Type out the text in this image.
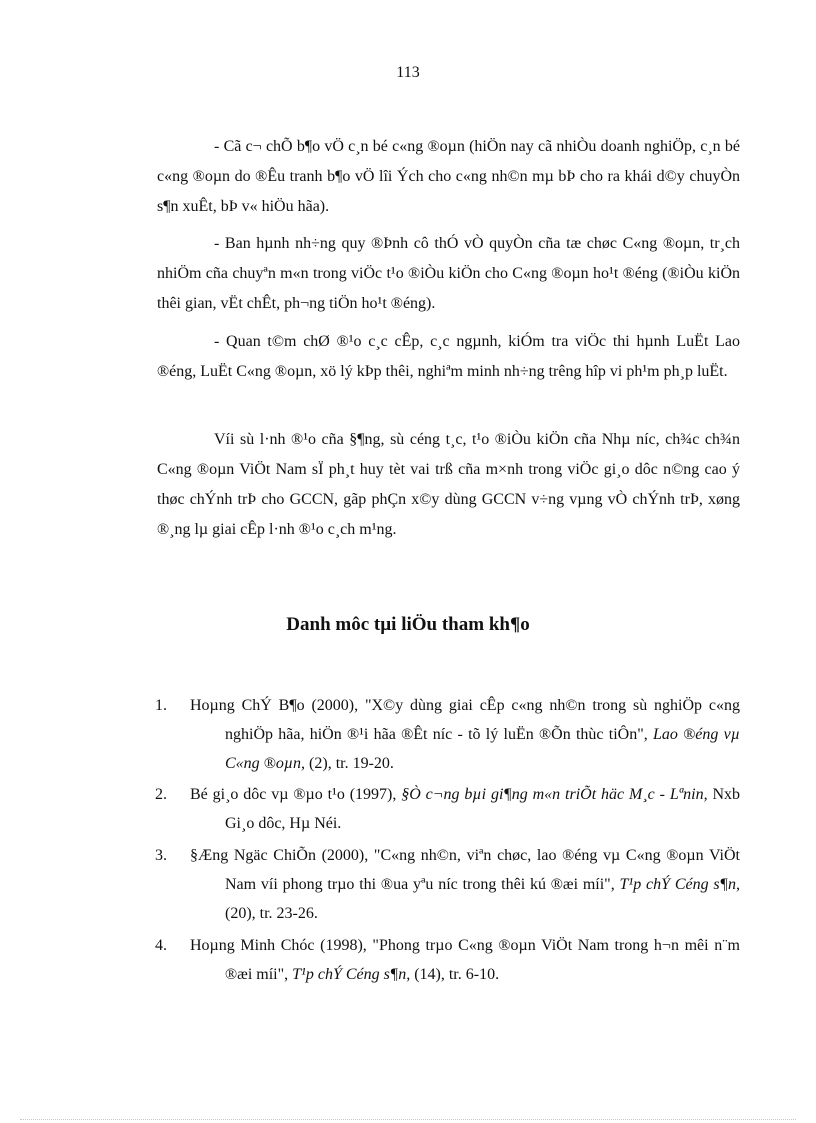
113

- Cã c¬ chÕ b¶o vÖ c¸n bé c«ng ®oµn (hiÖn nay cã nhiÒu doanh nghiÖp, c¸n bé c«ng ®oµn do ®Êu tranh b¶o vÖ lîi Ých cho c«ng nh©n mµ bÞ cho ra khái d©y chuyÒn s¶n xuÊt, bÞ v« hiÖu hãa).

- Ban hµnh nh÷ng quy ®Þnh cô thÓ vÒ quyÒn cña tæ chøc C«ng ®oµn, tr¸ch nhiÖm cña chuyªn m«n trong viÖc t¹o ®iÒu kiÖn cho C«ng ®oµn ho¹t ®éng (®iÒu kiÖn thêi gian, vËt chÊt, ph¬ng tiÖn ho¹t ®éng).

- Quan t©m chØ ®¹o c¸c cÊp, c¸c ngµnh, kiÓm tra viÖc thi hµnh LuËt Lao ®éng, LuËt C«ng ®oµn, xö lý kÞp thêi, nghiªm minh nh÷ng trêng hîp vi ph¹m ph¸p luËt.

Víi sù l·nh ®¹o cña §¶ng, sù céng t¸c, t¹o ®iÒu kiÖn cña Nhµ níc, ch¾c ch¾n C«ng ®oµn ViÖt Nam sÏ ph¸t huy tèt vai trß cña m×nh trong viÖc gi¸o dôc n©ng cao ý thøc chÝnh trÞ cho GCCN, gãp phÇn x©y dùng GCCN v÷ng vµng vÒ chÝnh trÞ, xøng ®¸ng lµ giai cÊp l·nh ®¹o c¸ch m¹ng.

Danh môc tµi liÖu tham kh¶o
1.	Hoµng ChÝ B¶o (2000), "X©y dùng giai cÊp c«ng nh©n trong sù nghiÖp c«ng nghiÖp hãa, hiÖn ®¹i hãa ®Êt níc - tõ lý luËn ®Õn thùc tiÔn", Lao ®éng vµ C«ng ®oµn, (2), tr. 19-20.
2.	Bé gi¸o dôc vµ ®µo t¹o (1997), §Ò c¬ng bµi gi¶ng m«n triÕt häc M¸c - Lªnin, Nxb Gi¸o dôc, Hµ Néi.
3.	§Æng Ngäc ChiÕn (2000), "C«ng nh©n, viªn chøc, lao ®éng vµ C«ng ®oµn ViÖt Nam víi phong trµo thi ®ua yªu níc trong thêi kú ®æi míi", T¹p chÝ Céng s¶n, (20), tr. 23-26.
4.	Hoµng Minh Chóc (1998), "Phong trµo C«ng ®oµn ViÖt Nam trong h¬n mêi n¨m ®æi míi", T¹p chÝ Céng s¶n, (14), tr. 6-10.
